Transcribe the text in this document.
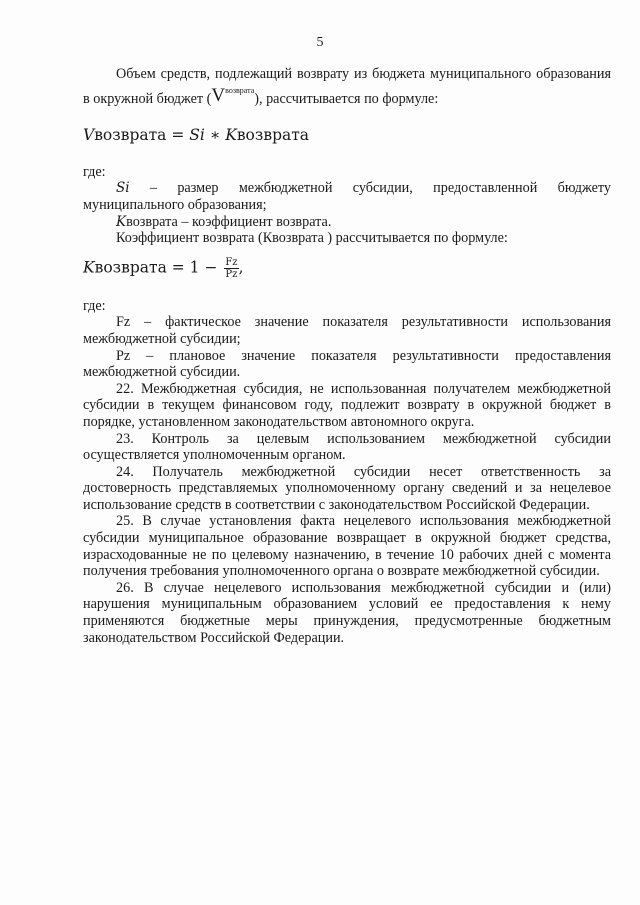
5

Объем средств, подлежащий возврату из бюджета муниципального образования в окружной бюджет $(V^{возврата})$, рассчитывается по формуле:

Vвозврата = Si ∗ Kвозврата

где:

Si – размер межбюджетной субсидии, предоставленной бюджету муниципального образования;

Kвозврата – коэффициент возврата.

Коэффициент возврата (Квозврата ) рассчитывается по формуле:

Kвозврата = $1 - \frac{Fz}{Pz}$ ,

где:

Fz – фактическое значение показателя результативности использования межбюджетной субсидии;

Pz – плановое значение показателя результативности предоставления межбюджетной субсидии.

22. Межбюджетная субсидия, не использованная получателем межбюджетной субсидии в текущем финансовом году, подлежит возврату в окружной бюджет в порядке, установленном законодательством автономного округа.

23. Контроль за целевым использованием межбюджетной субсидии осуществляется уполномоченным органом.

24. Получатель межбюджетной субсидии несет ответственность за достоверность представляемых уполномоченному органу сведений и за нецелевое использование средств в соответствии с законодательством Российской Федерации.

25. В случае установления факта нецелевого использования межбюджетной субсидии муниципальное образование возвращает в окружной бюджет средства, израсходованные не по целевому назначению, в течение 10 рабочих дней с момента получения требования уполномоченного органа о возврате межбюджетной субсидии.

26. В случае нецелевого использования межбюджетной субсидии и (или) нарушения муниципальным образованием условий ее предоставления к нему применяются бюджетные меры принуждения, предусмотренные бюджетным законодательством Российской Федерации.
